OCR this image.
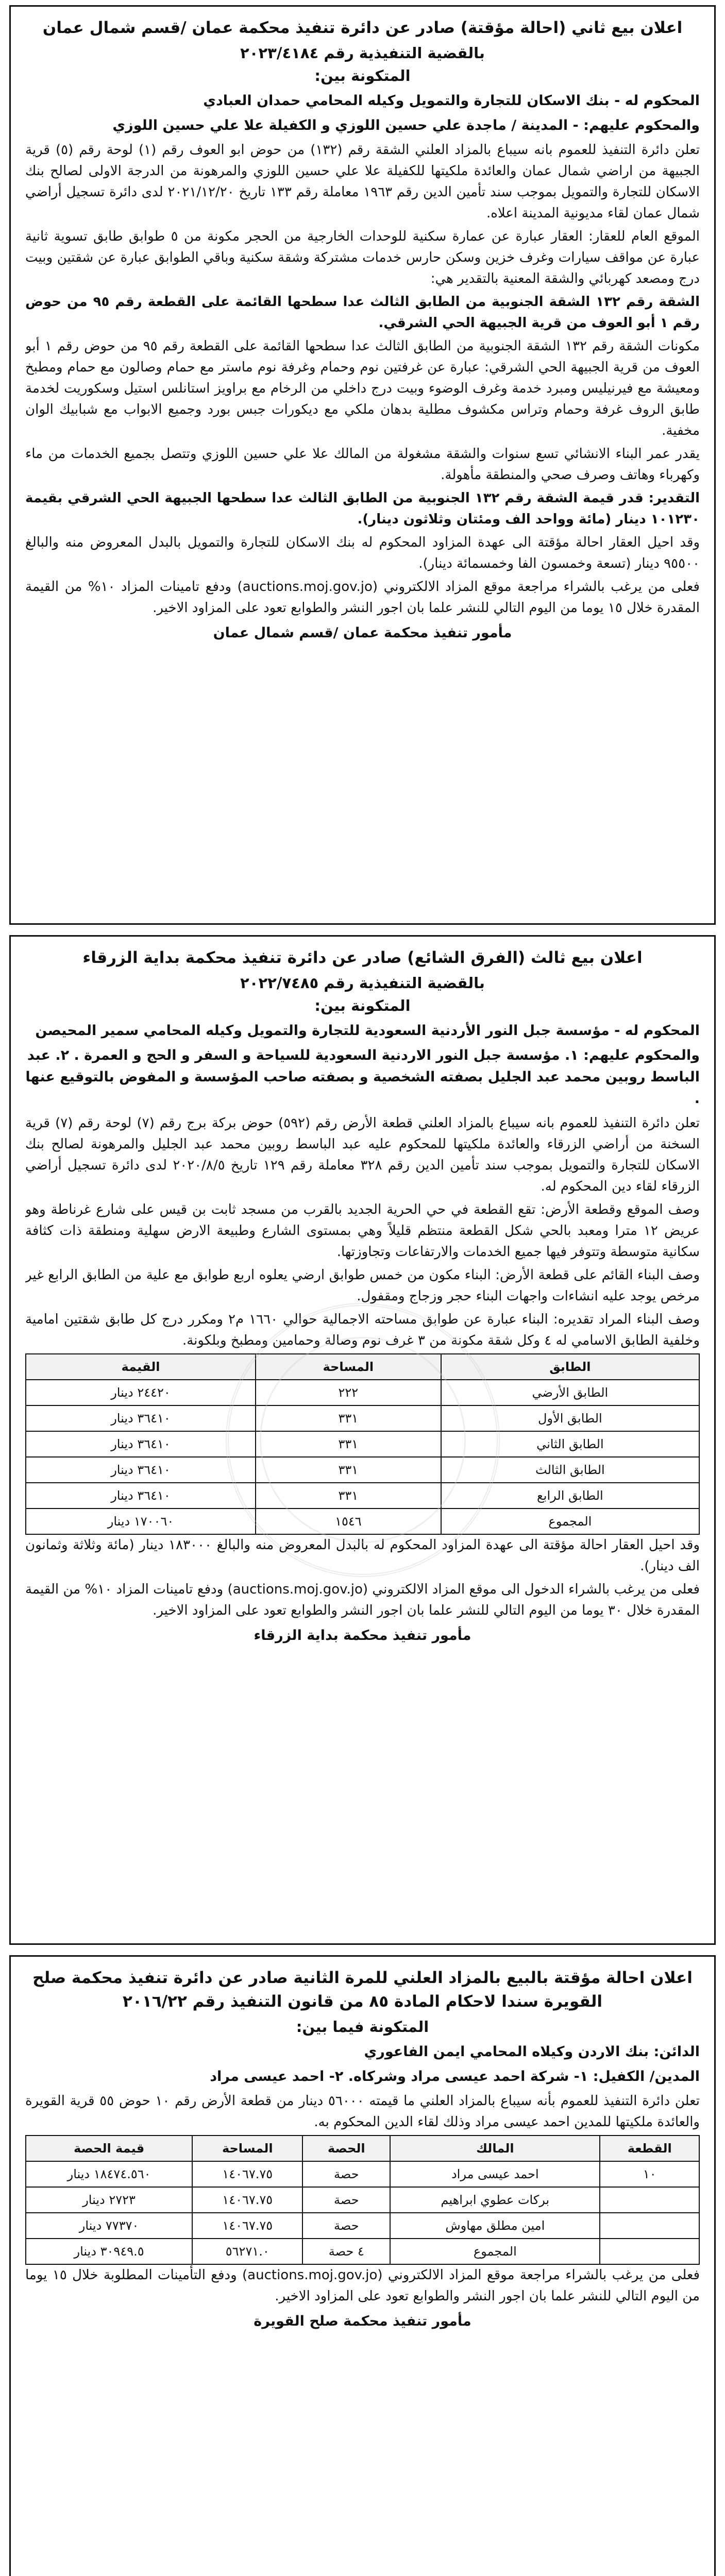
اعلان بيع ثاني (احالة مؤقتة) صادر عن دائرة تنفيذ محكمة عمان /قسم شمال عمان
بالقضية التنفيذية رقم ٢٠٢٣/٤١٨٤
المتكونة بين:
المحكوم له - بنك الاسكان للتجارة والتمويل وكيله المحامي حمدان العبادي
والمحكوم عليهم: - المدينة / ماجدة علي حسين اللوزي و الكفيلة علا علي حسين اللوزي

تعلن دائرة التنفيذ للعموم بانه سيباع بالمزاد العلني الشقة رقم (١٣٢) من حوض ابو العوف رقم (١) لوحة رقم (٥) قرية الجبيهة من اراضي شمال عمان والعائدة ملكيتها للكفيلة علا علي حسين اللوزي والمرهونة من الدرجة الاولى لصالح بنك الاسكان للتجارة والتمويل بموجب سند تأمين الدين رقم ١٩٦٣ معاملة رقم ١٣٣ تاريخ ٢٠٢١/١٢/٢٠ لدى دائرة تسجيل أراضي شمال عمان لقاء مديونية المدينة اعلاه.

الموقع العام للعقار: العقار عبارة عن عمارة سكنية للوحدات الخارجية من الحجر مكونة من ٥ طوابق طابق تسوية ثانية عبارة عن مواقف سيارات وغرف خزين وسكن حارس خدمات مشتركة وشقة سكنية وباقي الطوابق عبارة عن شقتين وبيت درج ومصعد كهربائي والشقة المعنية بالتقدير هي:

الشقة رقم ١٣٢ الشقة الجنوبية من الطابق الثالث عدا سطحها القائمة على القطعة رقم ٩٥ من حوض رقم ١ أبو العوف من قرية الجبيهة الحي الشرقي.

مكونات الشقة رقم ١٣٢ الشقة الجنوبية من الطابق الثالث عدا سطحها القائمة على القطعة رقم ٩٥ من حوض رقم ١ أبو العوف من قرية الجبيهة الحي الشرقي: عبارة عن غرفتين نوم وحمام وغرفة نوم ماستر مع حمام وصالون مع حمام ومطبخ ومعيشة مع فيرنيليس ومبرد خدمة وغرف الوضوء وبيت درج داخلي من الرخام مع براويز استانلس استيل وسكوريت لخدمة طابق الروف غرفة وحمام وتراس مكشوف مطلية بدهان ملكي مع ديكورات جبس بورد وجميع الابواب مع شبابيك الوان مخفية.

يقدر عمر البناء الانشائي تسع سنوات والشقة مشغولة من المالك علا علي حسين اللوزي وتتصل بجميع الخدمات من ماء وكهرباء وهاتف وصرف صحي والمنطقة مأهولة.

التقدير: قدر قيمة الشقة رقم ١٣٢ الجنوبية من الطابق الثالث عدا سطحها الجبيهة الحي الشرقي بقيمة ١٠١٢٣٠ دينار (مائة وواحد الف ومئتان وثلاثون دينار).

وقد احيل العقار احالة مؤقتة الى عهدة المزاود المحكوم له بنك الاسكان للتجارة والتمويل بالبدل المعروض منه والبالغ ٩٥٥٠٠ دينار (تسعة وخمسون الفا وخمسمائة دينار).

فعلى من يرغب بالشراء مراجعة موقع المزاد الالكتروني (auctions.moj.gov.jo) ودفع تامينات المزاد ١٠% من القيمة المقدرة خلال ١٥ يوما من اليوم التالي للنشر علما بان اجور النشر والطوابع تعود على المزاود الاخير.

مأمور تنفيذ محكمة عمان /قسم شمال عمان
اعلان بيع ثالث (الفرق الشائع) صادر عن دائرة تنفيذ محكمة بداية الزرقاء
بالقضية التنفيذية رقم ٢٠٢٢/٧٤٨٥
المتكونة بين:
المحكوم له - مؤسسة جبل النور الأردنية السعودية للتجارة والتمويل وكيله المحامي سمير المحيصن
والمحكوم عليهم: ١. مؤسسة جبل النور الاردنية السعودية للسياحة و السفر و الحج و العمرة . ٢. عبد الباسط روبين محمد عبد الجليل بصفته الشخصية و بصفته صاحب المؤسسة و المفوض بالتوقيع عنها .

تعلن دائرة التنفيذ للعموم بانه سيباع بالمزاد العلني قطعة الأرض رقم (٥٩٢) حوض بركة برج رقم (٧) لوحة رقم (٧) قرية السخنة من أراضي الزرقاء والعائدة ملكيتها للمحكوم عليه عبد الباسط روبين محمد عبد الجليل والمرهونة لصالح بنك الاسكان للتجارة والتمويل بموجب سند تأمين الدين رقم ٣٢٨ معاملة رقم ١٢٩ تاريخ ٢٠٢٠/٨/٥ لدى دائرة تسجيل أراضي الزرقاء لقاء دين المحكوم له.

وصف الموقع وقطعة الأرض: تقع القطعة في حي الحرية الجديد بالقرب من مسجد ثابت بن قيس على شارع غرناطة وهو عريض ١٢ مترا ومعبد بالحي شكل القطعة منتظم قليلاً وهي بمستوى الشارع وطبيعة الارض سهلية ومنطقة ذات كثافة سكانية متوسطة وتتوفر فيها جميع الخدمات والارتفاعات وتجاوزتها.

وصف البناء القائم على قطعة الأرض: البناء مكون من خمس طوابق ارضي يعلوه اربع طوابق مع علية من الطابق الرابع غير مرخص يوجد عليه انشاءات واجهات البناء حجر وزجاج ومقفول.

وصف البناء المراد تقديره: البناء عبارة عن طوابق مساحته الاجمالية حوالي ١٦٦٠ م٢ ومكرر درج كل طابق شقتين امامية وخلفية الطابق الاسامي له ٤ وكل شقة مكونة من ٣ غرف نوم وصالة وحمامين ومطبخ وبلكونة.

الطابق	المساحة	القيمة
الطابق الأرضي	٢٢٢	٢٤٤٢٠ دينار
الطابق الأول	٣٣١	٣٦٤١٠ دينار
الطابق الثاني	٣٣١	٣٦٤١٠ دينار
الطابق الثالث	٣٣١	٣٦٤١٠ دينار
الطابق الرابع	٣٣١	٣٦٤١٠ دينار
المجموع	١٥٤٦	١٧٠٠٦٠ دينار

وقد احيل العقار احالة مؤقتة الى عهدة المزاود المحكوم له بالبدل المعروض منه والبالغ ١٨٣٠٠٠ دينار (مائة وثلاثة وثمانون الف دينار).

فعلى من يرغب بالشراء الدخول الى موقع المزاد الالكتروني (auctions.moj.gov.jo) ودفع تامينات المزاد ١٠% من القيمة المقدرة خلال ٣٠ يوما من اليوم التالي للنشر علما بان اجور النشر والطوابع تعود على المزاود الاخير.

مأمور تنفيذ محكمة بداية الزرقاء
اعلان احالة مؤقتة بالبيع بالمزاد العلني للمرة الثانية صادر عن دائرة تنفيذ محكمة صلح القويرة سندا لاحكام المادة ٨٥ من قانون التنفيذ رقم ٢٠١٦/٢٢
المتكونة فيما بين:
الدائن: بنك الاردن وكيلاه المحامي ايمن الفاعوري
المدين/ الكفيل: ١- شركة احمد عيسى مراد وشركاه. ٢- احمد عيسى مراد

تعلن دائرة التنفيذ للعموم بأنه سيباع بالمزاد العلني ما قيمته ٥٦٠٠٠ دينار من قطعة الأرض رقم ١٠ حوض ٥٥ قرية القويرة والعائدة ملكيتها للمدين احمد عيسى مراد وذلك لقاء الدين المحكوم به.

القطعة	المالك	الحصة	المساحة	قيمة الحصة
١٠	احمد عيسى مراد	حصة	١٤٠٦٧.٧٥	١٨٤٧٤.٥٦٠ دينار
	بركات عطوي ابراهيم	حصة	١٤٠٦٧.٧٥	٢٧٢٣ دينار
	امين مطلق مهاوش	حصة	١٤٠٦٧.٧٥	٧٧٣٧٠ دينار
	المجموع	٤ حصة	٥٦٢٧١.٠	٣٠٩٤٩.٥ دينار

فعلى من يرغب بالشراء مراجعة موقع المزاد الالكتروني (auctions.moj.gov.jo) ودفع التأمينات المطلوبة خلال ١٥ يوما من اليوم التالي للنشر علما بان اجور النشر والطوابع تعود على المزاود الاخير.

مأمور تنفيذ محكمة صلح القويرة
